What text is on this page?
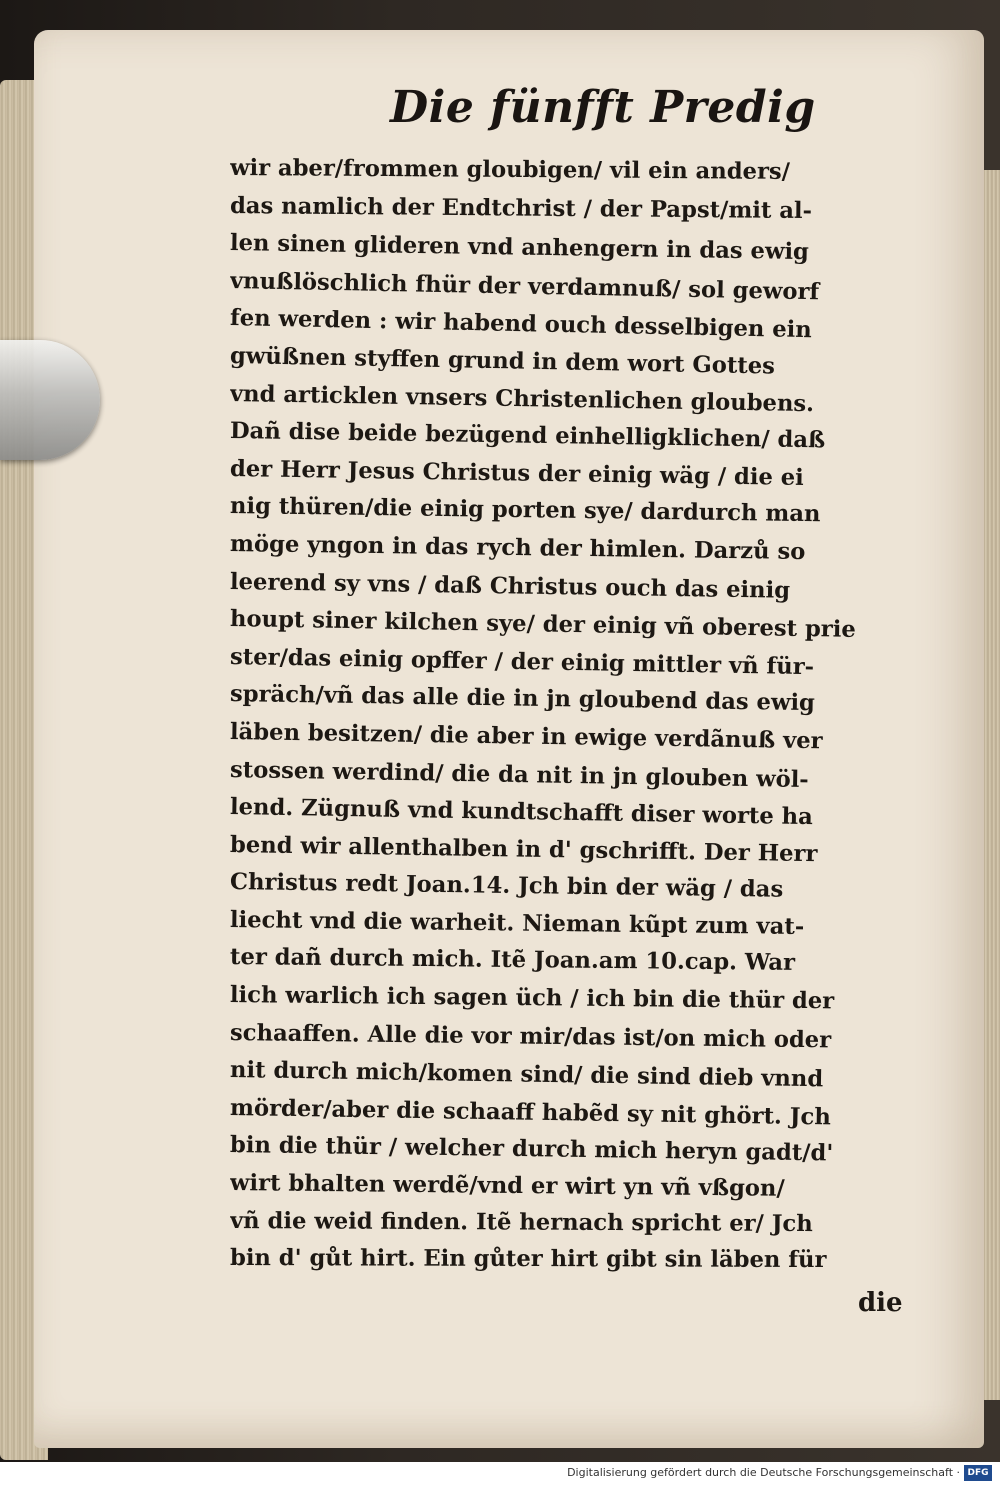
Die fünfft Predig
wir aber/frommen gloubigen/ vil ein anders/
das namlich der Endtchrist / der Papst/mit al-
len sinen glideren vnd anhengern in das ewig
vnußlöschlich fhür der verdamnuß/ sol geworf
fen werden : wir habend ouch desselbigen ein
gwüßnen styffen grund in dem wort Gottes
vnd articklen vnsers Christenlichen gloubens.
Dañ dise beide bezügend einhelligklichen/ daß
der Herr Jesus Christus der einig wäg / die ei
nig thüren/die einig porten sye/ dardurch man
möge yngon in das rych der himlen. Darzů so
leerend sy vns / daß Christus ouch das einig
houpt siner kilchen sye/ der einig vñ oberest prie
ster/das einig opffer / der einig mittler vñ für-
spräch/vñ das alle die in jn gloubend das ewig
läben besitzen/ die aber in ewige verdãnuß ver
stossen werdind/ die da nit in jn glouben wöl-
lend. Zügnuß vnd kundtschafft diser worte ha
bend wir allenthalben in d' gschrifft. Der Herr
Christus redt Joan.14. Jch bin der wäg / das
liecht vnd die warheit. Nieman kũpt zum vat-
ter dañ durch mich. Itẽ Joan.am 10.cap. War
lich warlich ich sagen üch / ich bin die thür der
schaaffen. Alle die vor mir/das ist/on mich oder
nit durch mich/komen sind/ die sind dieb vnnd
mörder/aber die schaaff habẽd sy nit ghört. Jch
bin die thür / welcher durch mich heryn gadt/d'
wirt bhalten werdẽ/vnd er wirt yn vñ vßgon/
vñ die weid finden. Itẽ hernach spricht er/ Jch
bin d' gůt hirt. Ein gůter hirt gibt sin läben für
die
Digitalisierung gefördert durch die Deutsche Forschungsgemeinschaft · DFG
